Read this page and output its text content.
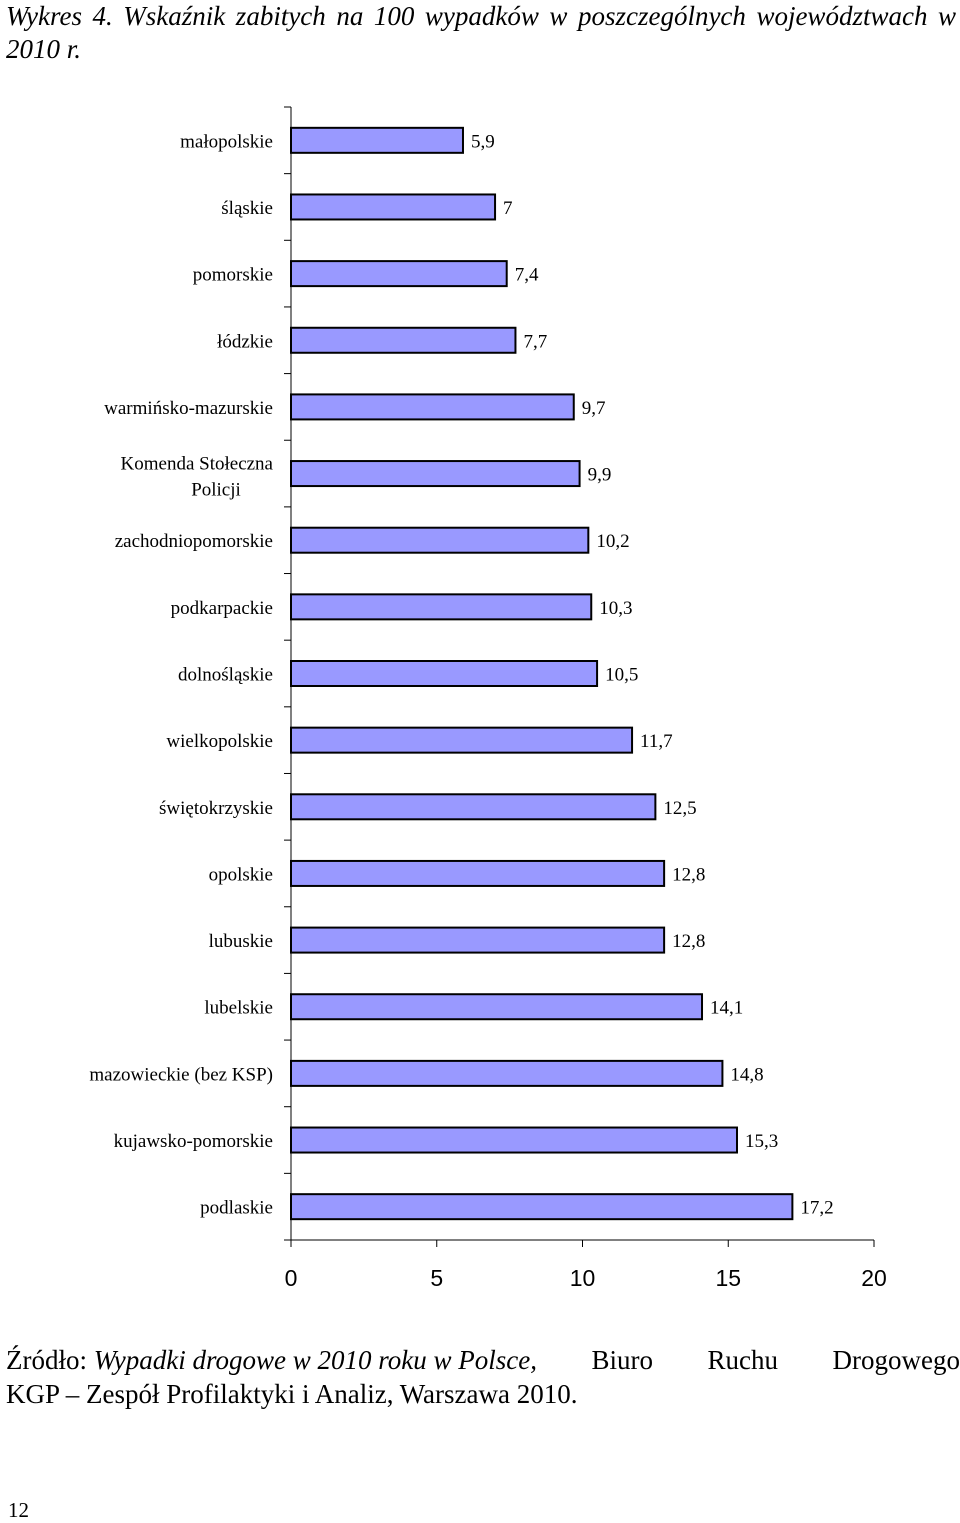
Wykres 4. Wskaźnik zabitych na 100 wypadków w poszczególnych województwach w 2010 r.
0	5	10	15	20
5,9
małopolskie
7
śląskie
7,4
pomorskie
7,7
łódzkie
9,7
warmińsko-mazurskie
9,9
Komenda Stołeczna Policji
10,2
zachodniopomorskie
10,3
podkarpackie
10,5
dolnośląskie
11,7
wielkopolskie
12,5
świętokrzyskie
12,8
opolskie
12,8
lubuskie
14,1
lubelskie
14,8
mazowieckie (bez KSP)
15,3
kujawsko-pomorskie
17,2
podlaskie
Źródło: Wypadki drogowe w 2010 roku w Polsce, Biuro Ruchu Drogowego
KGP – Zespół Profilaktyki i Analiz, Warszawa 2010.
12
